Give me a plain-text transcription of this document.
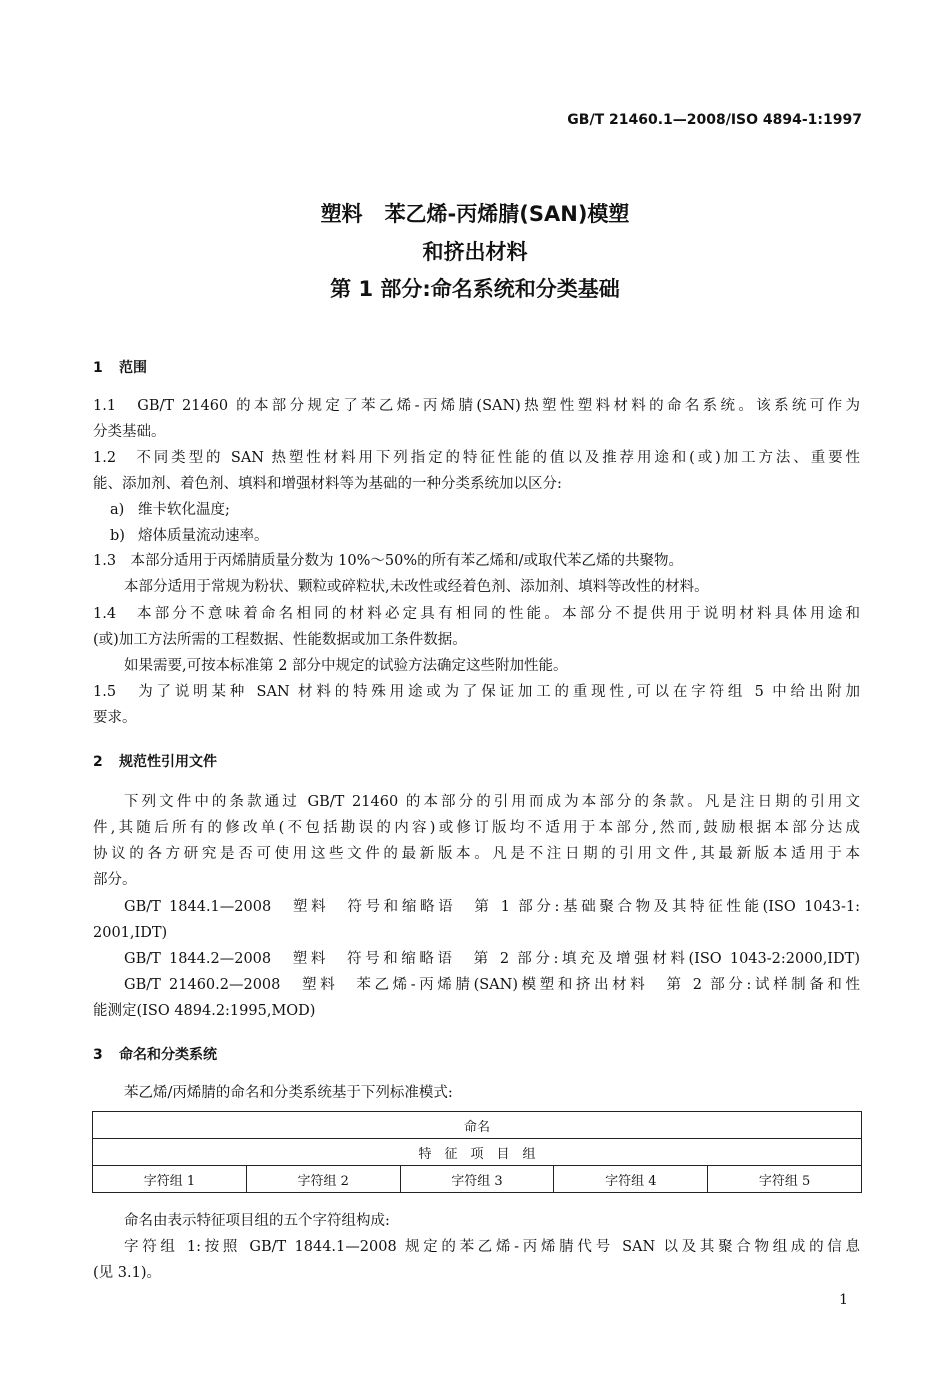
GB/T 21460.1—2008/ISO 4894-1:1997
塑料 苯乙烯-丙烯腈(SAN)模塑
和挤出材料
第 1 部分:命名系统和分类基础
1 范围
1.1　GB/T 21460 的本部分规定了苯乙烯-丙烯腈(SAN)热塑性塑料材料的命名系统。该系统可作为
分类基础。
1.2　不同类型的 SAN 热塑性材料用下列指定的特征性能的值以及推荐用途和(或)加工方法、重要性
能、添加剂、着色剂、填料和增强材料等为基础的一种分类系统加以区分:
a) 维卡软化温度;
b) 熔体质量流动速率。
1.3　本部分适用于丙烯腈质量分数为 10%～50%的所有苯乙烯和/或取代苯乙烯的共聚物。
本部分适用于常规为粉状、颗粒或碎粒状,未改性或经着色剂、添加剂、填料等改性的材料。
1.4　本部分不意味着命名相同的材料必定具有相同的性能。本部分不提供用于说明材料具体用途和
(或)加工方法所需的工程数据、性能数据或加工条件数据。
如果需要,可按本标准第 2 部分中规定的试验方法确定这些附加性能。
1.5　为了说明某种 SAN 材料的特殊用途或为了保证加工的重现性,可以在字符组 5 中给出附加
要求。
2 规范性引用文件
下列文件中的条款通过 GB/T 21460 的本部分的引用而成为本部分的条款。凡是注日期的引用文
件,其随后所有的修改单(不包括勘误的内容)或修订版均不适用于本部分,然而,鼓励根据本部分达成
协议的各方研究是否可使用这些文件的最新版本。凡是不注日期的引用文件,其最新版本适用于本
部分。
GB/T 1844.1—2008　塑料　符号和缩略语　第 1 部分:基础聚合物及其特征性能(ISO 1043-1:
2001,IDT)
GB/T 1844.2—2008　塑料　符号和缩略语　第 2 部分:填充及增强材料(ISO 1043-2:2000,IDT)
GB/T 21460.2—2008　塑料　苯乙烯-丙烯腈(SAN)模塑和挤出材料　第 2 部分:试样制备和性
能测定(ISO 4894.2:1995,MOD)
3 命名和分类系统
苯乙烯/丙烯腈的命名和分类系统基于下列标准模式:
命名
特　征　项　目　组
字符组 1	字符组 2	字符组 3	字符组 4	字符组 5
命名由表示特征项目组的五个字符组构成:
字符组 1:按照 GB/T 1844.1—2008 规定的苯乙烯-丙烯腈代号 SAN 以及其聚合物组成的信息
(见 3.1)。
1
